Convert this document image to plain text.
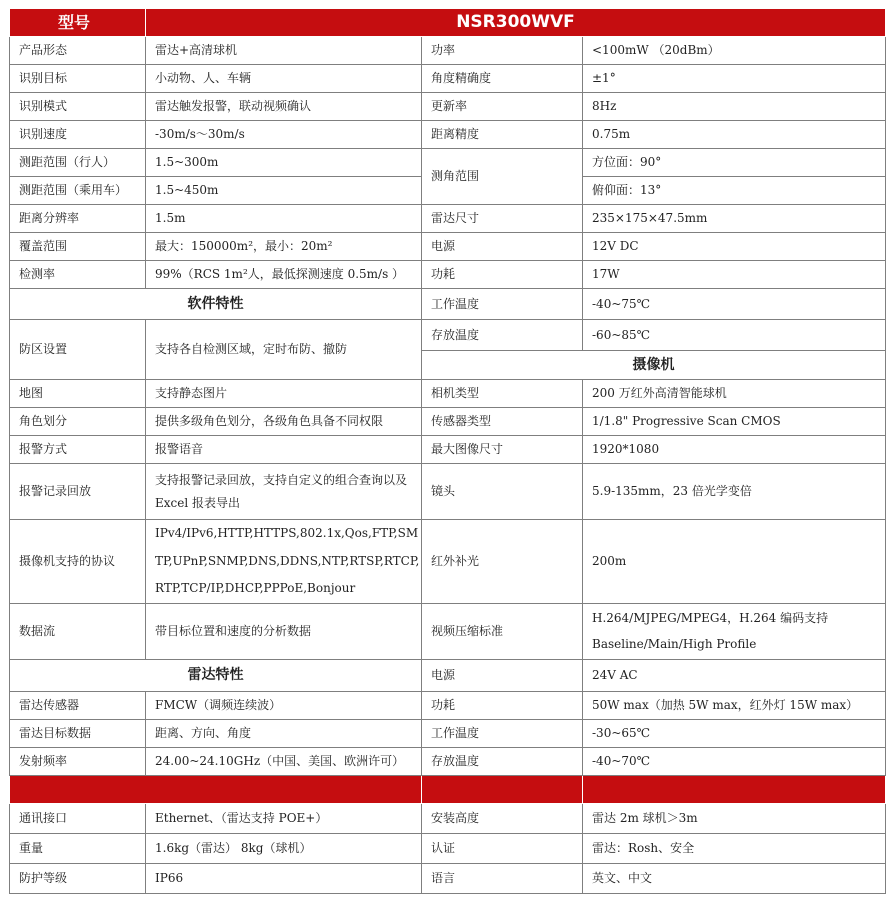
型号	NSR300WVF		
产品形态	雷达+高清球机	功率	<100mW （20dBm）
识别目标	小动物、人、车辆	角度精确度	±1°
识别模式	雷达触发报警，联动视频确认	更新率	8Hz
识别速度	-30m/s～30m/s	距离精度	0.75m
测距范围（行人）	1.5~300m	测角范围	方位面：90°
测距范围（乘用车）	1.5~450m		俯仰面：13°
距离分辨率	1.5m	雷达尺寸	235×175×47.5mm
覆盖范围	最大：150000m²，最小：20m²	电源	12V DC
检测率	99%（RCS 1m²人，最低探测速度 0.5m/s ）	功耗	17W
软件特性		工作温度	-40~75℃
防区设置	支持各自检测区域，定时布防、撤防	存放温度	-60~85℃
		摄像机	
地图	支持静态图片	相机类型	200 万红外高清智能球机
角色划分	提供多级角色划分，各级角色具备不同权限	传感器类型	1/1.8" Progressive Scan CMOS
报警方式	报警语音	最大图像尺寸	1920*1080
报警记录回放	支持报警记录回放，支持自定义的组合查询以及 Excel 报表导出	镜头	5.9-135mm，23 倍光学变倍
摄像机支持的协议	IPv4/IPv6,HTTP,HTTPS,802.1x,Qos,FTP,SMTP,UPnP,SNMP,DNS,DDNS,NTP,RTSP,RTCP,RTP,TCP/IP,DHCP,PPPoE,Bonjour	红外补光	200m
数据流	带目标位置和速度的分析数据	视频压缩标准	H.264/MJPEG/MPEG4，H.264 编码支持 Baseline/Main/High Profile
雷达特性		电源	24V AC
雷达传感器	FMCW（调频连续波）	功耗	50W max（加热 5W max，红外灯 15W max）
雷达目标数据	距离、方向、角度	工作温度	-30~65℃
发射频率	24.00~24.10GHz（中国、美国、欧洲许可）	存放温度	-40~70℃

通讯接口	Ethernet、（雷达支持 POE+）	安装高度	雷达 2m 球机＞3m
重量	1.6kg（雷达） 8kg（球机）	认证	雷达：Rosh、安全
防护等级	IP66	语言	英文、中文
